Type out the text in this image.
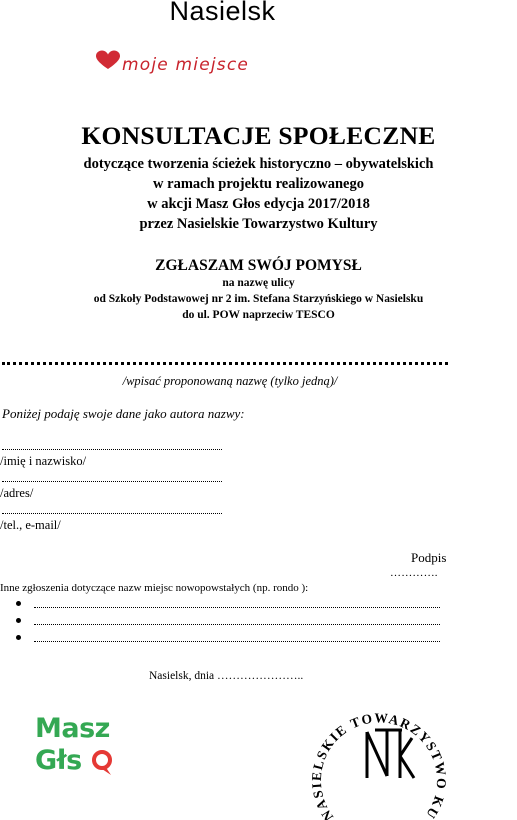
Nasielsk
moje miejsce
KONSULTACJE SPOŁECZNE
dotyczące tworzenia ścieżek historyczno – obywatelskich
w ramach projektu realizowanego
w akcji Masz Głos edycja 2017/2018
przez Nasielskie Towarzystwo Kultury
ZGŁASZAM SWÓJ POMYSŁ
na nazwę ulicy
od Szkoły Podstawowej nr 2 im. Stefana Starzyńskiego w Nasielsku
do ul. POW naprzeciw TESCO
/wpisać proponowaną nazwę (tylko jedną)/
Poniżej podaję swoje dane jako autora nazwy:
/imię i nazwisko/
/adres/
/tel., e-mail/
Podpis
………….
Inne zgłoszenia dotyczące nazw miejsc nowopowstałych (np. rondo ):
Nasielsk, dnia …………………..
Masz
Głs
NASIELSKIE TOWARZYSTWO KULTURY
